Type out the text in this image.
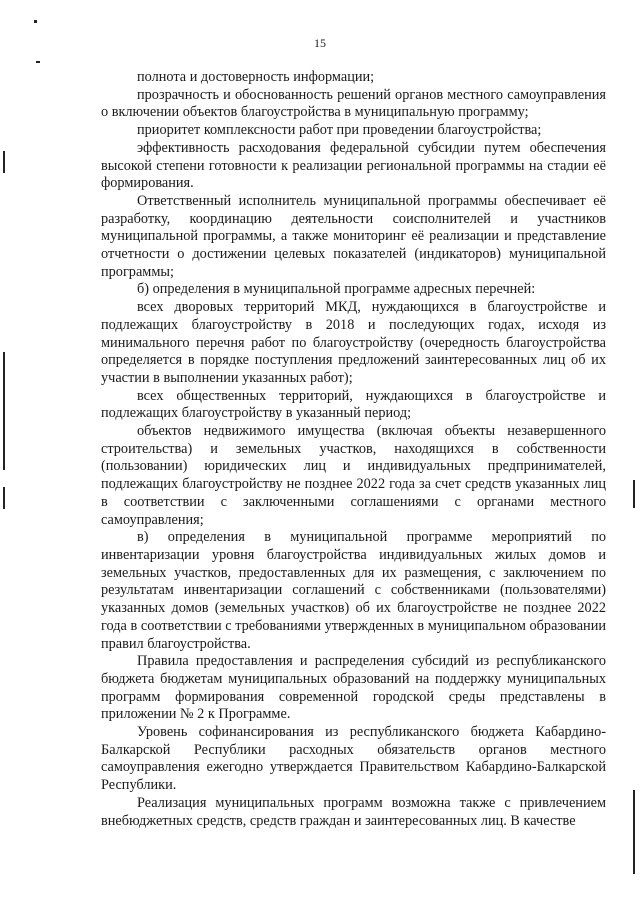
15

полнота и достоверность информации;

прозрачность и обоснованность решений органов местного самоуправления о включении объектов благоустройства в муниципальную программу;

приоритет комплексности работ при проведении благоустройства;

эффективность расходования федеральной субсидии путем обеспечения высокой степени готовности к реализации региональной программы на стадии её формирования.

Ответственный исполнитель муниципальной программы обеспечивает её разработку, координацию деятельности соисполнителей и участников муниципальной программы, а также мониторинг её реализации и представление отчетности о достижении целевых показателей (индикаторов) муниципальной программы;

б) определения в муниципальной программе адресных перечней:

всех дворовых территорий МКД, нуждающихся в благоустройстве и подлежащих благоустройству в 2018 и последующих годах, исходя из минимального перечня работ по благоустройству (очередность благоустройства определяется в порядке поступления предложений заинтересованных лиц об их участии в выполнении указанных работ);

всех общественных территорий, нуждающихся в благоустройстве и подлежащих благоустройству в указанный период;

объектов недвижимого имущества (включая объекты незавершенного строительства) и земельных участков, находящихся в собственности (пользовании) юридических лиц и индивидуальных предпринимателей, подлежащих благоустройству не позднее 2022 года за счет средств указанных лиц в соответствии с заключенными соглашениями с органами местного самоуправления;

в) определения в муниципальной программе мероприятий по инвентаризации уровня благоустройства индивидуальных жилых домов и земельных участков, предоставленных для их размещения, с заключением по результатам инвентаризации соглашений с собственниками (пользователями) указанных домов (земельных участков) об их благоустройстве не позднее 2022 года в соответствии с требованиями утвержденных в муниципальном образовании правил благоустройства.

Правила предоставления и распределения субсидий из республиканского бюджета бюджетам муниципальных образований на поддержку муниципальных программ формирования современной городской среды представлены в приложении № 2 к Программе.

Уровень софинансирования из республиканского бюджета Кабардино-Балкарской Республики расходных обязательств органов местного самоуправления ежегодно утверждается Правительством Кабардино-Балкарской Республики.

Реализация муниципальных программ возможна также с привлечением внебюджетных средств, средств граждан и заинтересованных лиц. В качестве
